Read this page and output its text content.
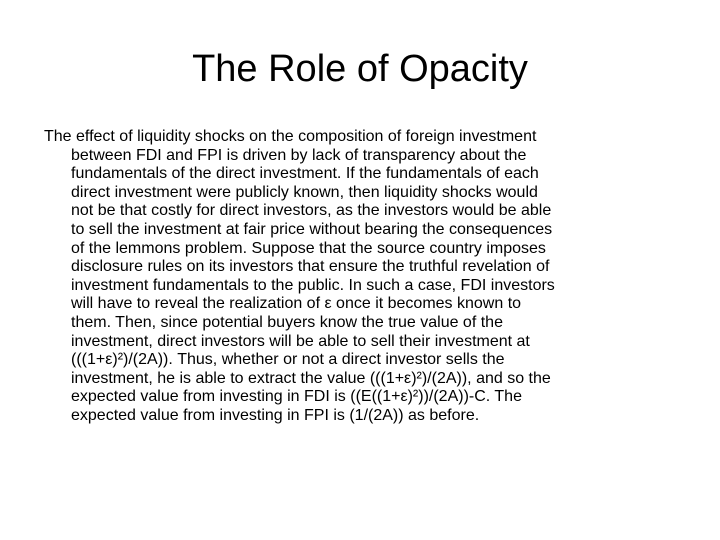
The Role of Opacity
The effect of liquidity shocks on the composition of foreign investment
between FDI and FPI is driven by lack of transparency about the
fundamentals of the direct investment. If the fundamentals of each
direct investment were publicly known, then liquidity shocks would
not be that costly for direct investors, as the investors would be able
to sell the investment at fair price without bearing the consequences
of the lemmons problem. Suppose that the source country imposes
disclosure rules on its investors that ensure the truthful revelation of
investment fundamentals to the public. In such a case, FDI investors
will have to reveal the realization of ε once it becomes known to
them. Then, since potential buyers know the true value of the
investment, direct investors will be able to sell their investment at
(((1+ε)²)/(2A)). Thus, whether or not a direct investor sells the
investment, he is able to extract the value (((1+ε)²)/(2A)), and so the
expected value from investing in FDI is ((E((1+ε)²))/(2A))-C. The
expected value from investing in FPI is (1/(2A)) as before.
